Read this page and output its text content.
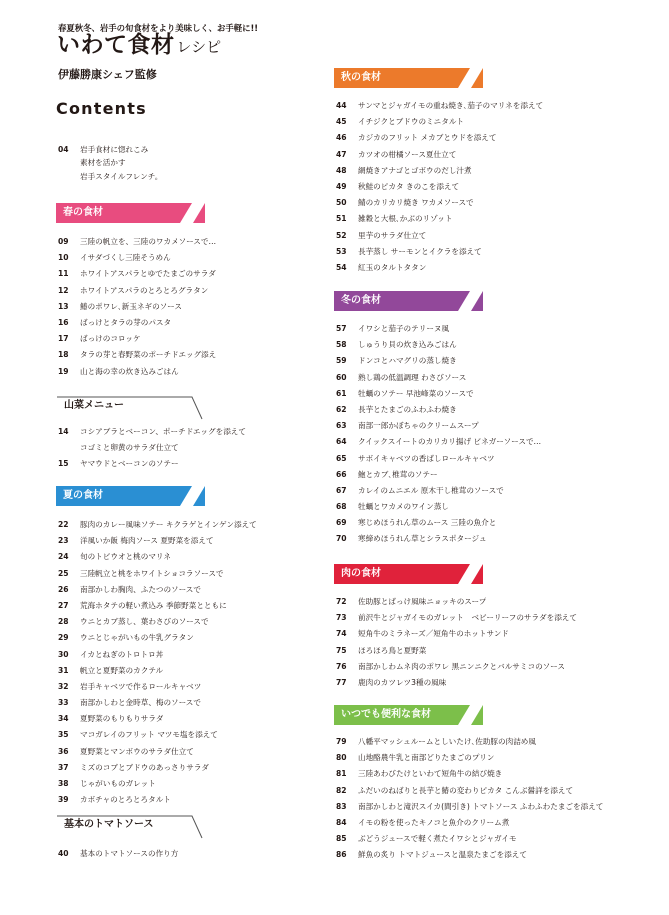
春夏秋冬、岩手の旬食材をより美味しく、お手軽に!!
いわて食材 レシピ
伊藤勝康シェフ監修
Contents
04	岩手食材に惚れこみ
素材を活かす
岩手スタイルフレンチ。
春の食材
09	三陸の帆立を、三陸のワカメソースで…
10	イサダづくし三陸そうめん
11	ホワイトアスパラとゆでたまごのサラダ
12	ホワイトアスパラのとろとろグラタン
13	鰆のポワレ､新玉ネギのソース
16	ばっけとタラの芽のパスタ
17	ばっけのコロッケ
18	タラの芽と春野菜のポーチドエッグ添え
19	山と海の幸の炊き込みごはん
山菜メニュー
14	コシアブラとベーコン、ポーチドエッグを添えて
コゴミと卵黄のサラダ仕立て
15	ヤマウドとベーコンのソテー
夏の食材
22	豚肉のカレー風味ソテー キクラゲとインゲン添えて
23	洋風いか飯 梅肉ソース 夏野菜を添えて
24	旬のトビウオと桃のマリネ
25	三陸帆立と桃をホワイトショコラソースで
26	南部かしわ胸肉、ふたつのソースで
27	荒海ホタテの軽い煮込み 季節野菜とともに
28	ウニとカブ蒸し、葉わさびのソースで
29	ウニとじゃがいもの牛乳グラタン
30	イカとねぎのトロトロ丼
31	帆立と夏野菜のカクテル
32	岩手キャベツで作るロールキャベツ
33	南部かしわと金時草、梅のソースで
34	夏野菜のもりもりサラダ
35	マコガレイのフリット マツモ塩を添えて
36	夏野菜とマンボウのサラダ仕立て
37	ミズのコブとブドウのあっさりサラダ
38	じゃがいものガレット
39	カボチャのとろとろタルト
基本のトマトソース
40	基本のトマトソースの作り方
秋の食材
44	サンマとジャガイモの重ね焼き､茄子のマリネを添えて
45	イチジクとブドウのミニタルト
46	カジカのフリット メカブとウドを添えて
47	カツオの柑橘ソース夏仕立て
48	網焼きアナゴとゴボウのだし汁煮
49	秋鮭のピカタ きのこを添えて
50	鯖のカリカリ焼き ワカメソースで
51	雑穀と大根､かぶのリゾット
52	里芋のサラダ仕立て
53	長芋蒸し サーモンとイクラを添えて
54	紅玉のタルトタタン
冬の食材
57	イワシと茄子のテリーヌ風
58	しゅうり貝の炊き込みごはん
59	ドンコとハマグリの蒸し焼き
60	熟し鶏の低温調理 わさびソース
61	牡蠣のソテー 早池峰菜のソースで
62	長芋とたまごのふわふわ焼き
63	南部一郎かぼちゃのクリームスープ
64	クイックスイートのカリカリ揚げ ビネガーソースで…
65	サボイキャベツの香ばしロールキャベツ
66	鮑とカブ､椎茸のソテー
67	カレイのムニエル 原木干し椎茸のソースで
68	牡蠣とワカメのワイン蒸し
69	寒じめほうれん草のムース 三陸の魚介と
70	寒締めほうれん草とシラスポタージュ
肉の食材
72	佐助豚とばっけ風味ニョッキのスープ
73	前沢牛とジャガイモのガレット　ベビーリーフのサラダを添えて
74	短角牛のミラネーズ／短角牛のホットサンド
75	ほろほろ鳥と夏野菜
76	南部かしわムネ肉のポワレ 黒ニンニクとバルサミコのソース
77	鹿肉のカツレツ3種の風味
いつでも便利な食材
79	八幡平マッシュルームとしいたけ､佐助豚の肉詰め風
80	山地酪農牛乳と南部どりたまごのプリン
81	三陸あわびたけといわて短角牛の結び焼き
82	ふだいのねばりと長芋と鰆の変わりピカタ こんぶ醤詳を添えて
83	南部かしわと滝沢スイカ(間引き) トマトソース ふわふわたまごを添えて
84	イモの粉を使ったキノコと魚介のクリーム煮
85	ぶどうジュースで軽く煮たイワシとジャガイモ
86	鮮魚の炙り トマトジュースと温泉たまごを添えて
